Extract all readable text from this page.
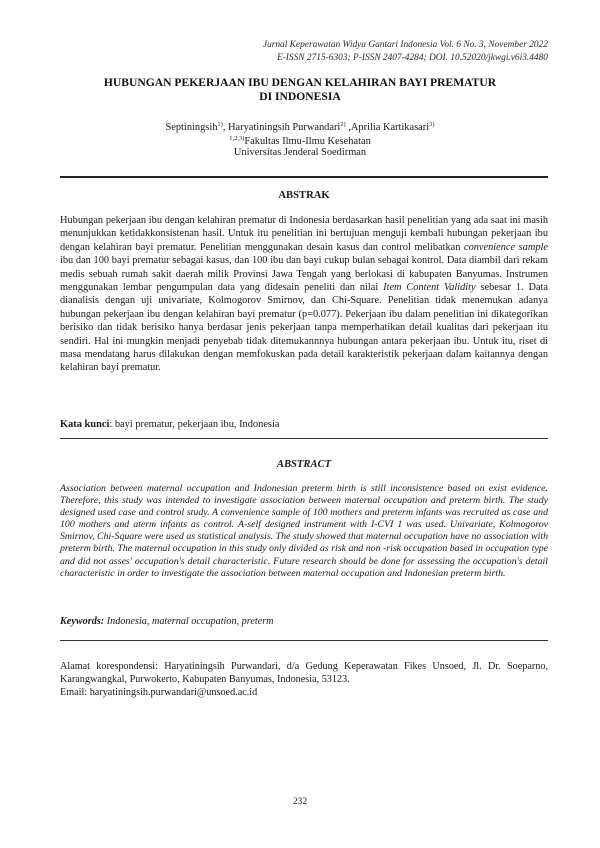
Jurnal Keperawatan Widya Gantari Indonesia Vol. 6 No. 3, November 2022
E-ISSN 2715-6303; P-ISSN 2407-4284; DOI. 10.52020/jkwgi.v6i3.4480
HUBUNGAN PEKERJAAN IBU DENGAN KELAHIRAN BAYI PREMATUR
DI INDONESIA
Septiningsih$^{1)}$, Haryatiningsih Purwandari$^{2)}$ ,Aprilia Kartikasari$^{3)}$
$^{1,2,3)}$Fakultas Ilmu-Ilmu Kesehatan
Universitas Jenderal Soedirman
ABSTRAK

Hubungan pekerjaan ibu dengan kelahiran prematur di Indonesia berdasarkan hasil penelitian yang ada saat ini masih menunjukkan ketidakkonsistenan hasil. Untuk itu penelitian ini bertujuan menguji kembali hubungan pekerjaan ibu dengan kelahiran bayi prematur. Penelitian menggunakan desain kasus dan control melibatkan convenience sample ibu dan 100 bayi prematur sebagai kasus, dan 100 ibu dan bayi cukup bulan sebagai kontrol. Data diambil dari rekam medis sebuah rumah sakit daerah milik Provinsi Jawa Tengah yang berlokasi di kabupaten Banyumas. Instrumen menggunakan lembar pengumpulan data yang didesain peneliti dan nilai Item Content Validity sebesar 1. Data dianalisis dengan uji univariate, Kolmogorov Smirnov, dan Chi-Square. Penelitian tidak menemukan adanya hubungan pekerjaan ibu dengan kelahiran bayi prematur (p=0.077). Pekerjaan ibu dalam penelitian ini dikategorikan berisiko dan tidak berisiko hanya berdasar jenis pekerjaan tanpa memperhatikan detail kualitas dari pekerjaan itu sendiri. Hal ini mungkin menjadi penyebab tidak ditemukannnya hubungan antara pekerjaan ibu. Untuk itu, riset di masa mendatang harus dilakukan dengan memfokuskan pada detail karakteristik pekerjaan dalam kaitannya dengan kelahiran bayi prematur.

Kata kunci: bayi prematur, pekerjaan ibu, Indonesia
ABSTRACT

Association between maternal occupation and Indonesian preterm birth is still inconsistence based on exist evidence. Therefore, this study was intended to investigate association between maternal occupation and preterm birth. The study designed used case and control study. A convenience sample of 100 mothers and preterm infants was recruited as case and 100 mothers and aterm infants as control. A-self designed instrument with I-CVI 1 was used. Univariate, Kolmogorov Smirnov, Chi-Square were used as statistical analysis. The study showed that maternal occupation have no association with preterm birth. The maternal occupation in this study only divided as risk and non -risk occupation based in occupation type and did not asses' occupation's detail characteristic. Future research should be done for assessing the occupation's detail characteristic in order to investigate the association between maternal occupation and Indonesian preterm birth.

Keywords: Indonesia, maternal occupation, preterm

Alamat korespondensi: Haryatiningsih Purwandari, d/a Gedung Keperawatan Fikes Unsoed, Jl. Dr. Soeparno, Karangwangkal, Purwokerto, Kabupaten Banyumas, Indonesia, 53123.

Email: haryatiningsih.purwandari@unsoed.ac.id

232
